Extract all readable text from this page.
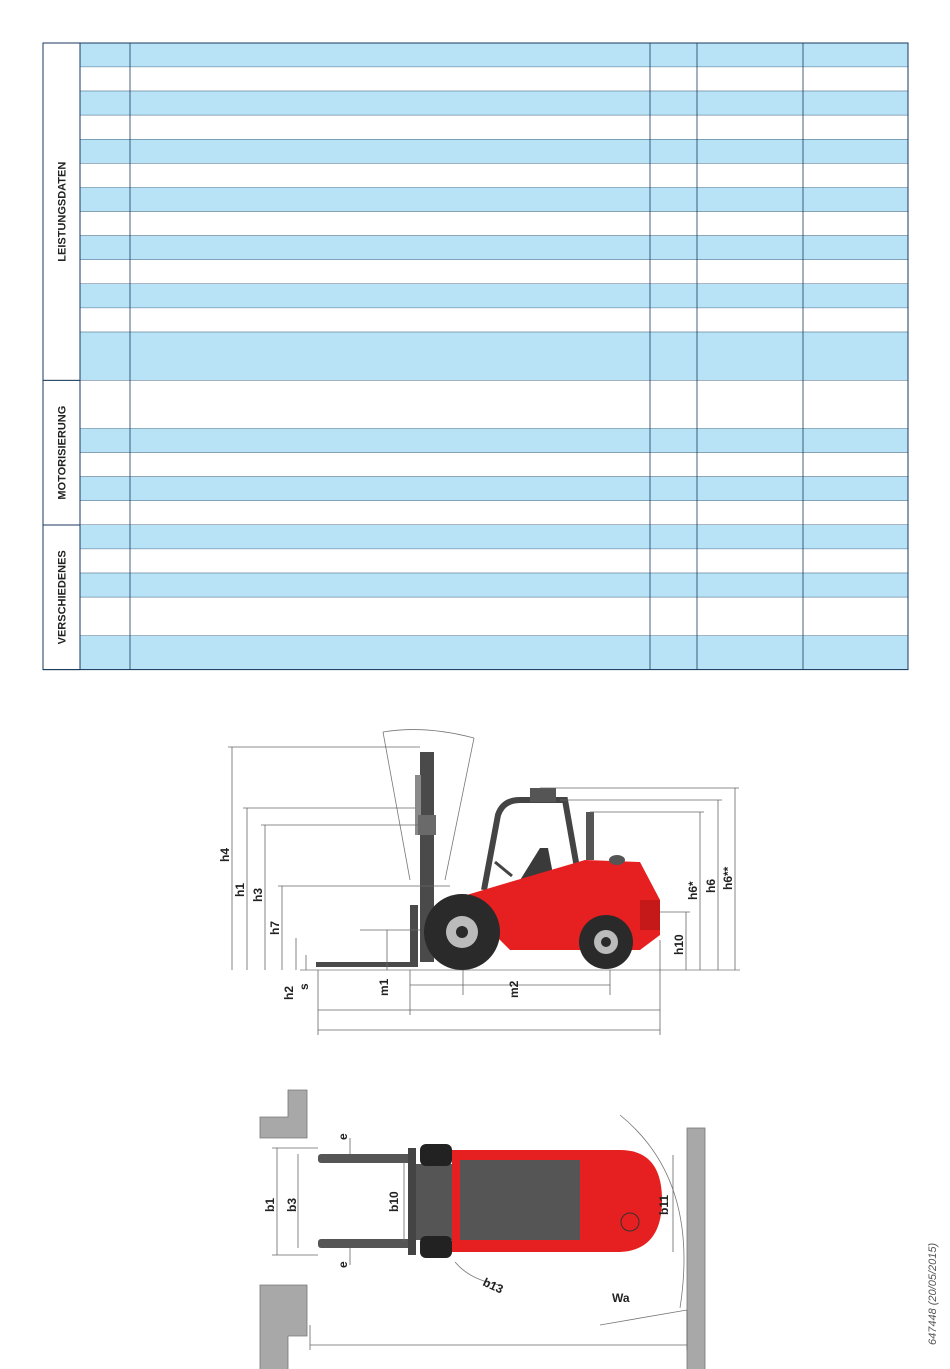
LEISTUNGSDATEN
MOTORISIERUNG
VERSCHIEDENES
h4
h1 h3
h7
h2 s	m1	m2
h10
h6* h6 h6**
e
b1 b3	b10
e
b13
Wa
b11
647448 (20/05/2015)
